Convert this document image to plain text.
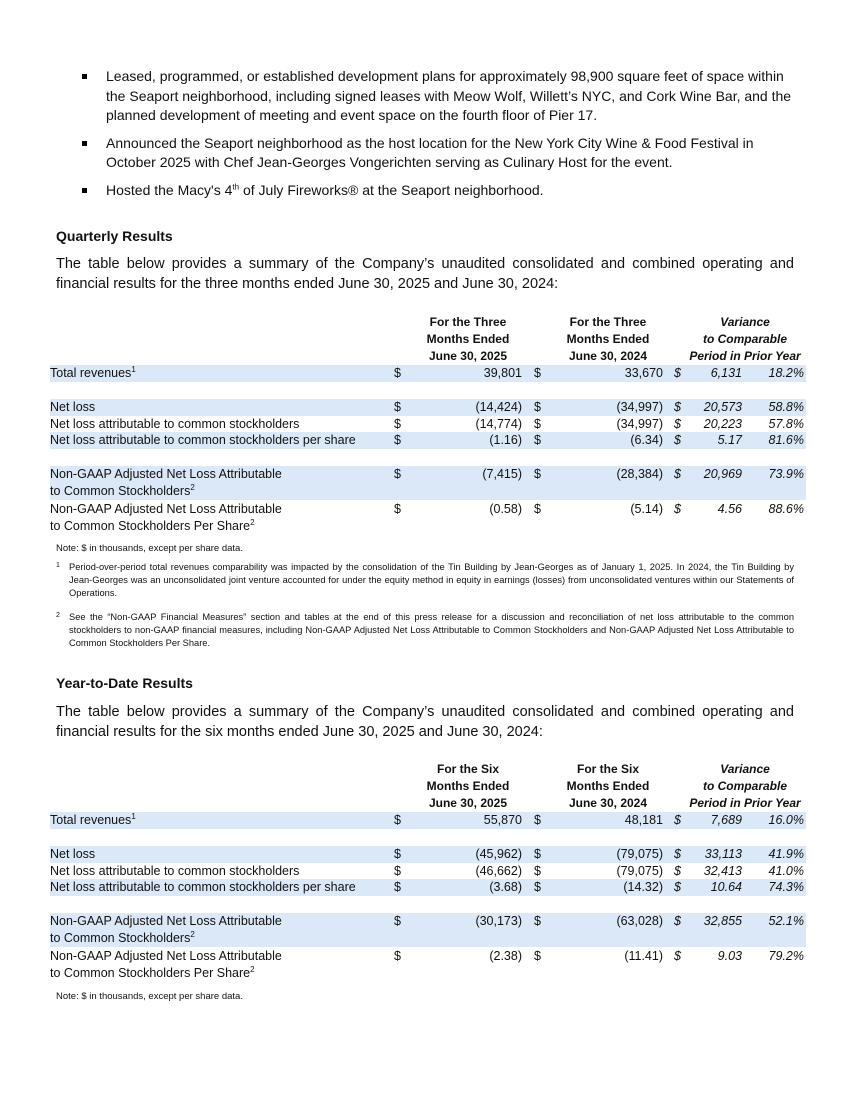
Leased, programmed, or established development plans for approximately 98,900 square feet of space within the Seaport neighborhood, including signed leases with Meow Wolf, Willett’s NYC, and Cork Wine Bar, and the planned development of meeting and event space on the fourth floor of Pier 17.
Announced the Seaport neighborhood as the host location for the New York City Wine & Food Festival in October 2025 with Chef Jean-Georges Vongerichten serving as Culinary Host for the event.
Hosted the Macy's 4th of July Fireworks® at the Seaport neighborhood.
Quarterly Results
The table below provides a summary of the Company’s unaudited consolidated and combined operating and financial results for the three months ended June 30, 2025 and June 30, 2024:
For the Three
Months Ended
June 30, 2025
For the Three
Months Ended
June 30, 2024
Variance
to Comparable
Period in Prior Year
Total revenues$^1$	$	39,801 $	33,670 $ 6,131 18.2%
Net loss	$	(14,424) $	(34,997) $ 20,573 58.8%
Net loss attributable to common stockholders	$	(14,774) $	(34,997) $ 20,223 57.8%
Net loss attributable to common stockholders per share	$	(1.16) $	(6.34) $	5.17 81.6%
Non-GAAP Adjusted Net Loss Attributable
to Common Stockholders$^2$
$	(7,415) $	(28,384) $ 20,969 73.9%
Non-GAAP Adjusted Net Loss Attributable
to Common Stockholders Per Share$^2$
$	(0.58) $	(5.14) $	4.56 88.6%
Note: $ in thousands, except per share data.
1 Period-over-period total revenues comparability was impacted by the consolidation of the Tin Building by Jean-Georges as of January 1, 2025. In 2024, the Tin Building by Jean-Georges was an unconsolidated joint venture accounted for under the equity method in equity in earnings (losses) from unconsolidated ventures within our Statements of Operations.
2 See the “Non-GAAP Financial Measures” section and tables at the end of this press release for a discussion and reconciliation of net loss attributable to the common stockholders to non-GAAP financial measures, including Non-GAAP Adjusted Net Loss Attributable to Common Stockholders and Non-GAAP Adjusted Net Loss Attributable to Common Stockholders Per Share.
Year-to-Date Results
The table below provides a summary of the Company’s unaudited consolidated and combined operating and financial results for the six months ended June 30, 2025 and June 30, 2024:
For the Six
Months Ended
June 30, 2025
For the Six
Months Ended
June 30, 2024
Variance
to Comparable
Period in Prior Year
Total revenues$^1$	$	55,870 $	48,181 $ 7,689 16.0%
Net loss	$	(45,962) $	(79,075) $ 33,113 41.9%
Net loss attributable to common stockholders	$	(46,662) $	(79,075) $ 32,413 41.0%
Net loss attributable to common stockholders per share	$	(3.68) $	(14.32) $ 10.64 74.3%
Non-GAAP Adjusted Net Loss Attributable
to Common Stockholders$^2$
$	(30,173) $	(63,028) $ 32,855 52.1%
Non-GAAP Adjusted Net Loss Attributable
to Common Stockholders Per Share$^2$
$	(2.38) $	(11.41) $	9.03 79.2%
Note: $ in thousands, except per share data.
